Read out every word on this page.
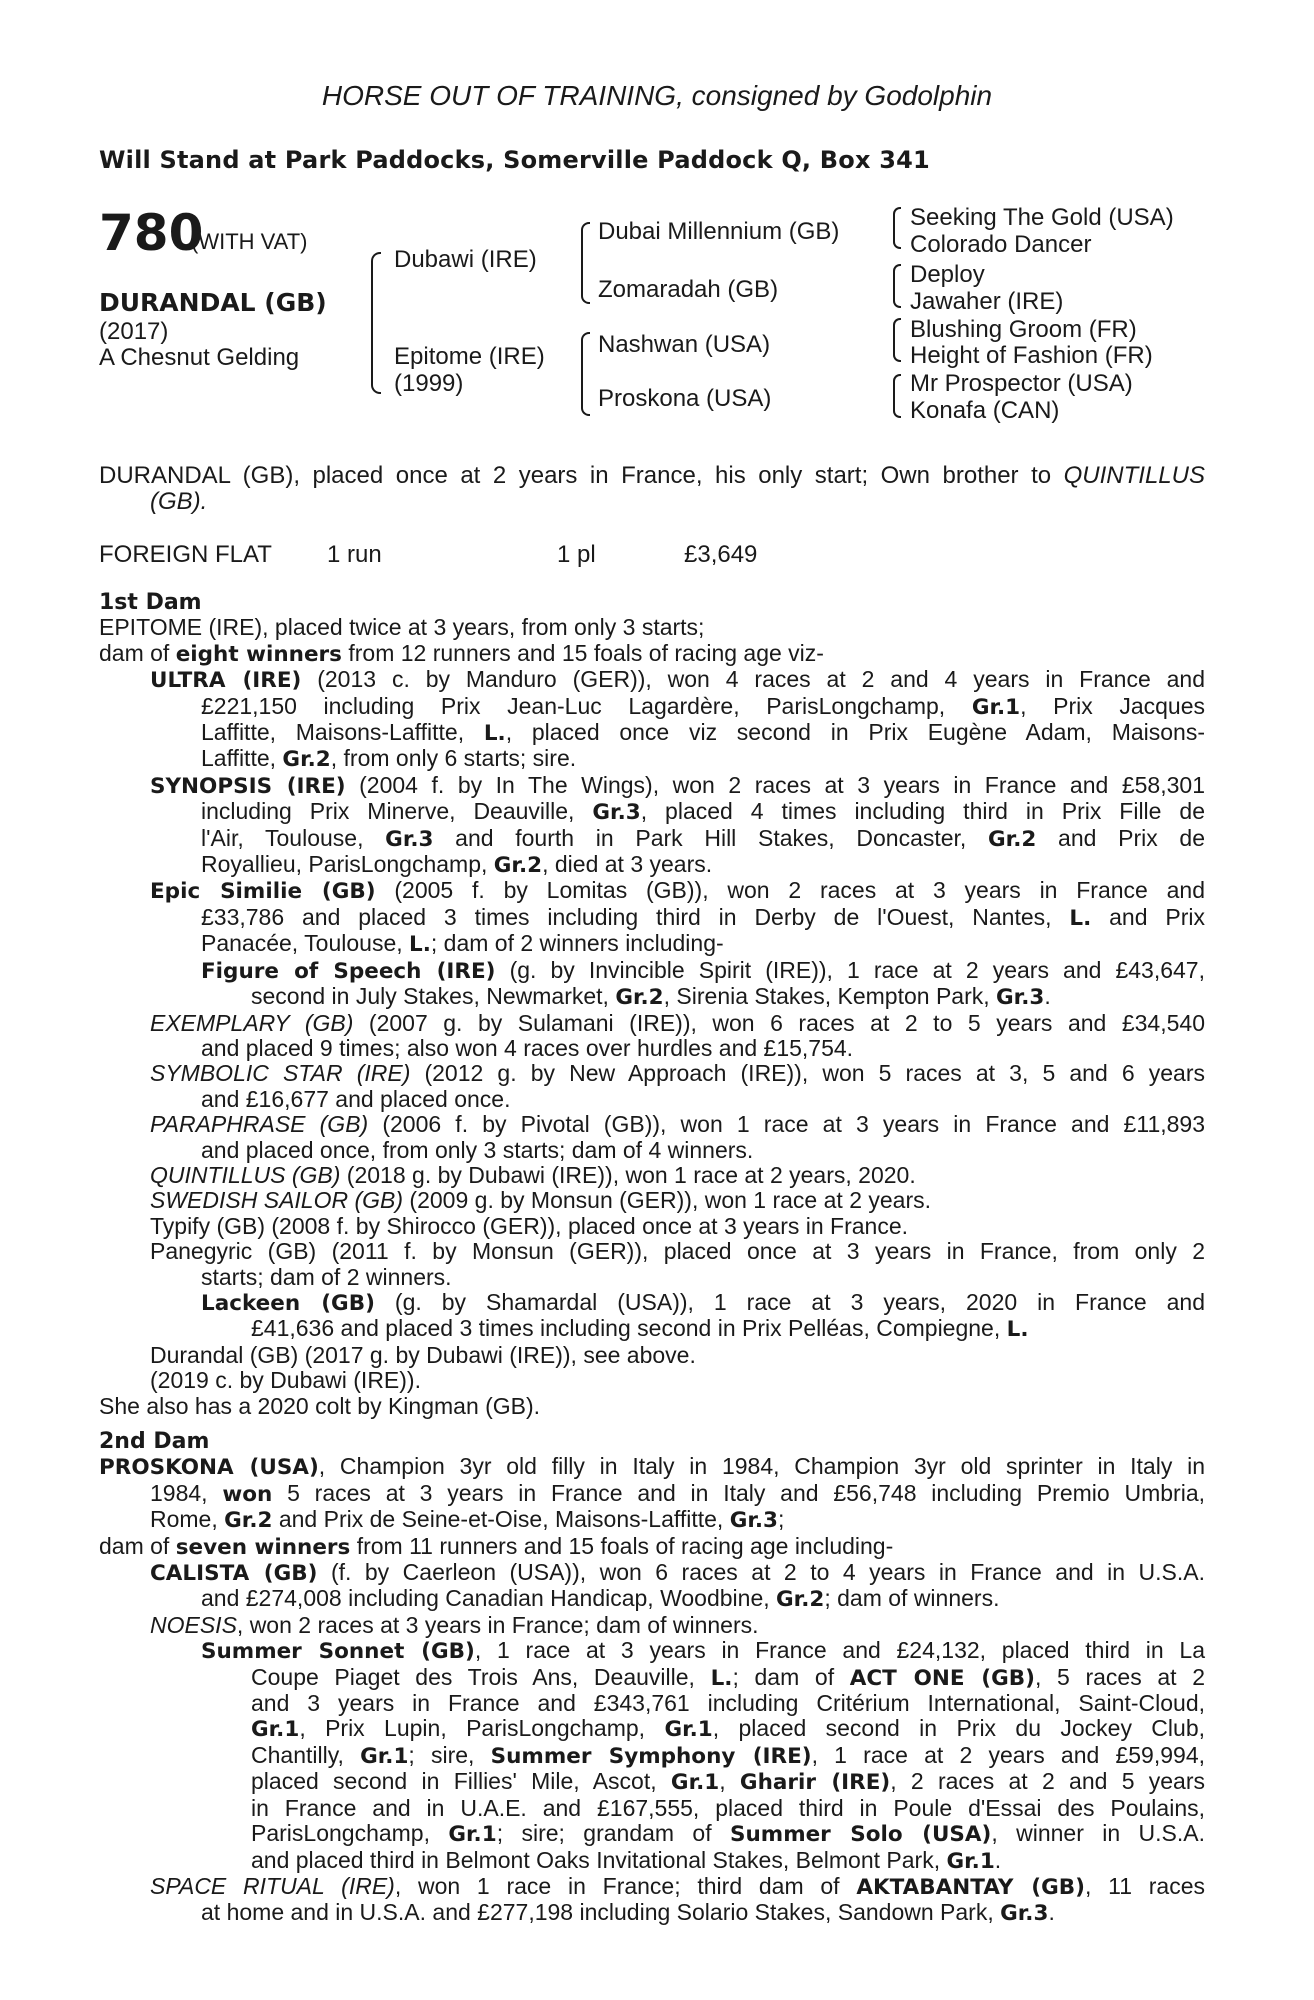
HORSE OUT OF TRAINING, consigned by Godolphin
Will Stand at Park Paddocks, Somerville Paddock Q, Box 341
780
(WITH VAT)
DURANDAL (GB)
(2017)
A Chesnut Gelding
Dubawi (IRE)
Epitome (IRE)
(1999)
Dubai Millennium (GB)
Zomaradah (GB)
Nashwan (USA)
Proskona (USA)
Seeking The Gold (USA)
Colorado Dancer
Deploy
Jawaher (IRE)
Blushing Groom (FR)
Height of Fashion (FR)
Mr Prospector (USA)
Konafa (CAN)
DURANDAL (GB), placed once at 2 years in France, his only start; Own brother to QUINTILLUS
(GB).
FOREIGN FLAT 1 run	1 pl	£3,649
1st Dam
EPITOME (IRE), placed twice at 3 years, from only 3 starts;
dam of eight winners from 12 runners and 15 foals of racing age viz-
ULTRA (IRE) (2013 c. by Manduro (GER)), won 4 races at 2 and 4 years in France and
£221,150 including Prix Jean-Luc Lagardère, ParisLongchamp, Gr.1, Prix Jacques
Laffitte, Maisons-Laffitte, L., placed once viz second in Prix Eugène Adam, Maisons-
Laffitte, Gr.2, from only 6 starts; sire.
SYNOPSIS (IRE) (2004 f. by In The Wings), won 2 races at 3 years in France and £58,301
including Prix Minerve, Deauville, Gr.3, placed 4 times including third in Prix Fille de
l'Air, Toulouse, Gr.3 and fourth in Park Hill Stakes, Doncaster, Gr.2 and Prix de
Royallieu, ParisLongchamp, Gr.2, died at 3 years.
Epic Similie (GB) (2005 f. by Lomitas (GB)), won 2 races at 3 years in France and
£33,786 and placed 3 times including third in Derby de l'Ouest, Nantes, L. and Prix
Panacée, Toulouse, L.; dam of 2 winners including-
Figure of Speech (IRE) (g. by Invincible Spirit (IRE)), 1 race at 2 years and £43,647,
second in July Stakes, Newmarket, Gr.2, Sirenia Stakes, Kempton Park, Gr.3.
EXEMPLARY (GB) (2007 g. by Sulamani (IRE)), won 6 races at 2 to 5 years and £34,540
and placed 9 times; also won 4 races over hurdles and £15,754.
SYMBOLIC STAR (IRE) (2012 g. by New Approach (IRE)), won 5 races at 3, 5 and 6 years
and £16,677 and placed once.
PARAPHRASE (GB) (2006 f. by Pivotal (GB)), won 1 race at 3 years in France and £11,893
and placed once, from only 3 starts; dam of 4 winners.
QUINTILLUS (GB) (2018 g. by Dubawi (IRE)), won 1 race at 2 years, 2020.
SWEDISH SAILOR (GB) (2009 g. by Monsun (GER)), won 1 race at 2 years.
Typify (GB) (2008 f. by Shirocco (GER)), placed once at 3 years in France.
Panegyric (GB) (2011 f. by Monsun (GER)), placed once at 3 years in France, from only 2
starts; dam of 2 winners.
Lackeen (GB) (g. by Shamardal (USA)), 1 race at 3 years, 2020 in France and
£41,636 and placed 3 times including second in Prix Pelléas, Compiegne, L.
Durandal (GB) (2017 g. by Dubawi (IRE)), see above.
(2019 c. by Dubawi (IRE)).
She also has a 2020 colt by Kingman (GB).
2nd Dam
PROSKONA (USA), Champion 3yr old filly in Italy in 1984, Champion 3yr old sprinter in Italy in
1984, won 5 races at 3 years in France and in Italy and £56,748 including Premio Umbria,
Rome, Gr.2 and Prix de Seine-et-Oise, Maisons-Laffitte, Gr.3;
dam of seven winners from 11 runners and 15 foals of racing age including-
CALISTA (GB) (f. by Caerleon (USA)), won 6 races at 2 to 4 years in France and in U.S.A.
and £274,008 including Canadian Handicap, Woodbine, Gr.2; dam of winners.
NOESIS, won 2 races at 3 years in France; dam of winners.
Summer Sonnet (GB), 1 race at 3 years in France and £24,132, placed third in La
Coupe Piaget des Trois Ans, Deauville, L.; dam of ACT ONE (GB), 5 races at 2
and 3 years in France and £343,761 including Critérium International, Saint-Cloud,
Gr.1, Prix Lupin, ParisLongchamp, Gr.1, placed second in Prix du Jockey Club,
Chantilly, Gr.1; sire, Summer Symphony (IRE), 1 race at 2 years and £59,994,
placed second in Fillies' Mile, Ascot, Gr.1, Gharir (IRE), 2 races at 2 and 5 years
in France and in U.A.E. and £167,555, placed third in Poule d'Essai des Poulains,
ParisLongchamp, Gr.1; sire; grandam of Summer Solo (USA), winner in U.S.A.
and placed third in Belmont Oaks Invitational Stakes, Belmont Park, Gr.1.
SPACE RITUAL (IRE), won 1 race in France; third dam of AKTABANTAY (GB), 11 races
at home and in U.S.A. and £277,198 including Solario Stakes, Sandown Park, Gr.3.
